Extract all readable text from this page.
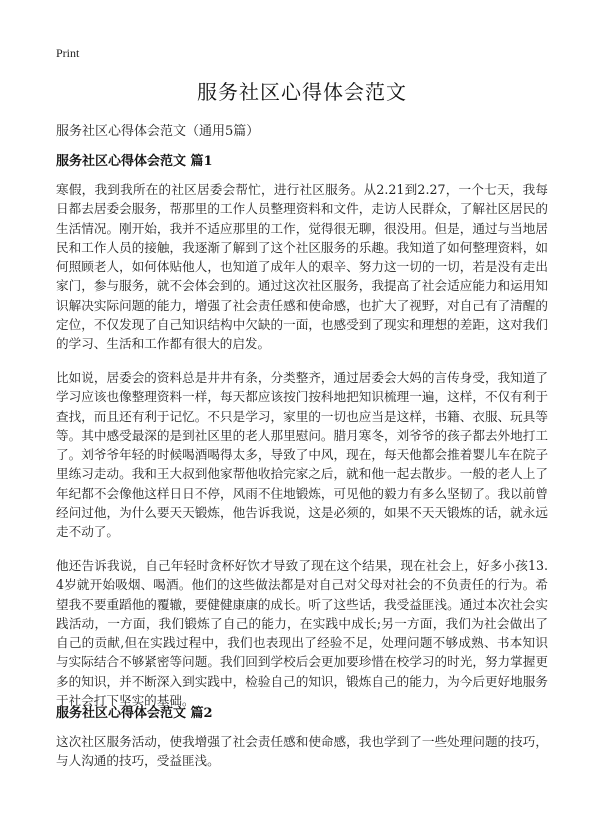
Print
服务社区心得体会范文
服务社区心得体会范文（通用5篇）
服务社区心得体会范文 篇1

寒假，我到我所在的社区居委会帮忙，进行社区服务。从2.21到2.27，一个七天，我每日都去居委会服务，帮那里的工作人员整理资料和文件，走访人民群众，了解社区居民的生活情况。刚开始，我并不适应那里的工作，觉得很无聊，很没用。但是，通过与当地居民和工作人员的接触，我逐渐了解到了这个社区服务的乐趣。我知道了如何整理资料，如何照顾老人，如何体贴他人，也知道了成年人的艰辛、努力这一切的一切，若是没有走出家门，参与服务，就不会体会到的。通过这次社区服务，我提高了社会适应能力和运用知识解决实际问题的能力，增强了社会责任感和使命感，也扩大了视野，对自己有了清醒的定位，不仅发现了自己知识结构中欠缺的一面，也感受到了现实和理想的差距，这对我们的学习、生活和工作都有很大的启发。

比如说，居委会的资料总是井井有条，分类整齐，通过居委会大妈的言传身受，我知道了学习应该也像整理资料一样，每天都应该按门按科地把知识梳理一遍，这样，不仅有利于查找，而且还有利于记忆。不只是学习，家里的一切也应当是这样，书籍、衣服、玩具等等。其中感受最深的是到社区里的老人那里慰问。腊月寒冬，刘爷爷的孩子都去外地打工了。刘爷爷年轻的时候喝酒喝得太多，导致了中风，现在，每天他都会推着婴儿车在院子里练习走动。我和王大叔到他家帮他收拾完家之后，就和他一起去散步。一般的老人上了年纪都不会像他这样日日不停，风雨不住地锻炼，可见他的毅力有多么坚韧了。我以前曾经问过他，为什么要天天锻炼，他告诉我说，这是必须的，如果不天天锻炼的话，就永远走不动了。

他还告诉我说，自己年轻时贪杯好饮才导致了现在这个结果，现在社会上，好多小孩13.4岁就开始吸烟、喝酒。他们的这些做法都是对自己对父母对社会的不负责任的行为。希望我不要重蹈他的覆辙，要健健康康的成长。听了这些话，我受益匪浅。通过本次社会实践活动，一方面，我们锻炼了自己的能力，在实践中成长;另一方面，我们为社会做出了自己的贡献,但在实践过程中，我们也表现出了经验不足，处理问题不够成熟、书本知识与实际结合不够紧密等问题。我们回到学校后会更加要珍惜在校学习的时光，努力掌握更多的知识，并不断深入到实践中，检验自己的知识，锻炼自己的能力，为今后更好地服务于社会打下坚实的基础。

服务社区心得体会范文 篇2

这次社区服务活动，使我增强了社会责任感和使命感，我也学到了一些处理问题的技巧，与人沟通的技巧，受益匪浅。
